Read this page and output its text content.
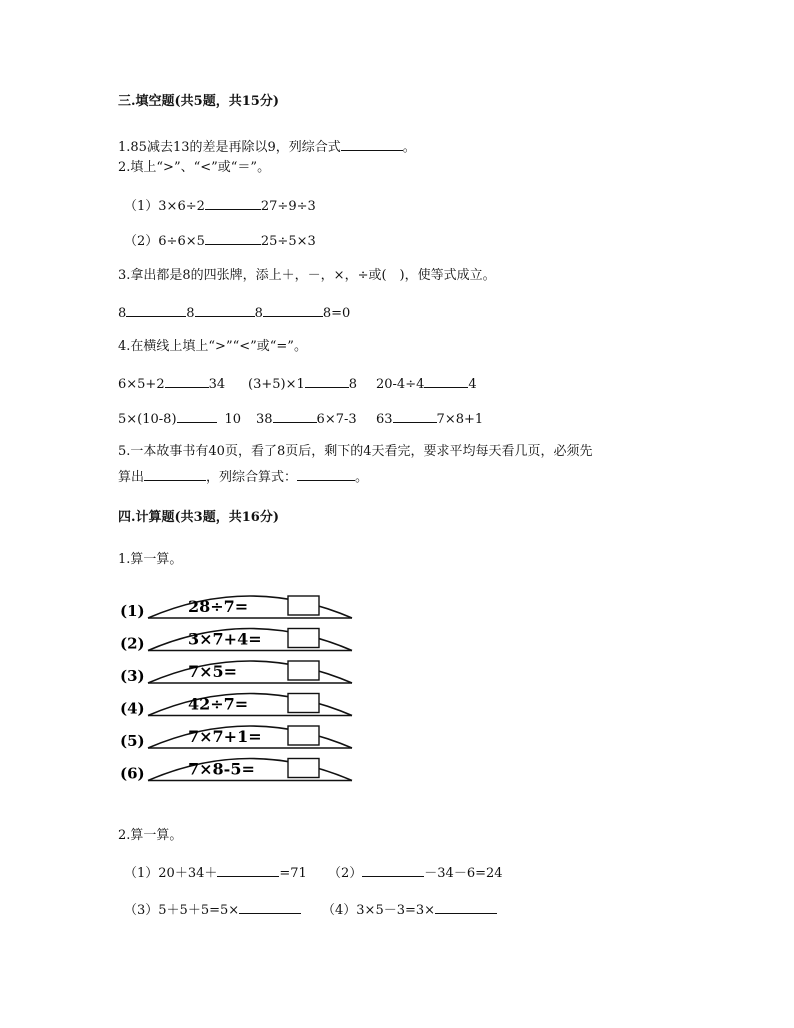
三.填空题(共5题，共15分)
1.85减去13的差是再除以9，列综合式	。
2.填上“>”、“<”或“＝”。
（1）3×6÷2	27÷9÷3
（2）6÷6×5	25÷5×3
3.拿出都是8的四张牌，添上＋，－，×，÷或(　)，使等式成立。
8	8	8	8=0
4.在横线上填上“>”“<”或“=”。
6×5+2	34 (3+5)×1	8 20-4÷4	4
5×(10-8)	10 38	6×7-3 63	7×8+1
5.一本故事书有40页，看了8页后，剩下的4天看完，要求平均每天看几页，必须先
算出	，列综合算式：	。
四.计算题(共3题，共16分)
1.算一算。
(1)	28÷7=
(2)	3×7+4=
(3)	7×5=
(4)	42÷7=
(5)	7×7+1=
(6)	7×8-5=
2.算一算。
（1）20＋34＋	=71 （2）	－34－6=24
（3）5＋5＋5=5×	（4）3×5－3=3×
